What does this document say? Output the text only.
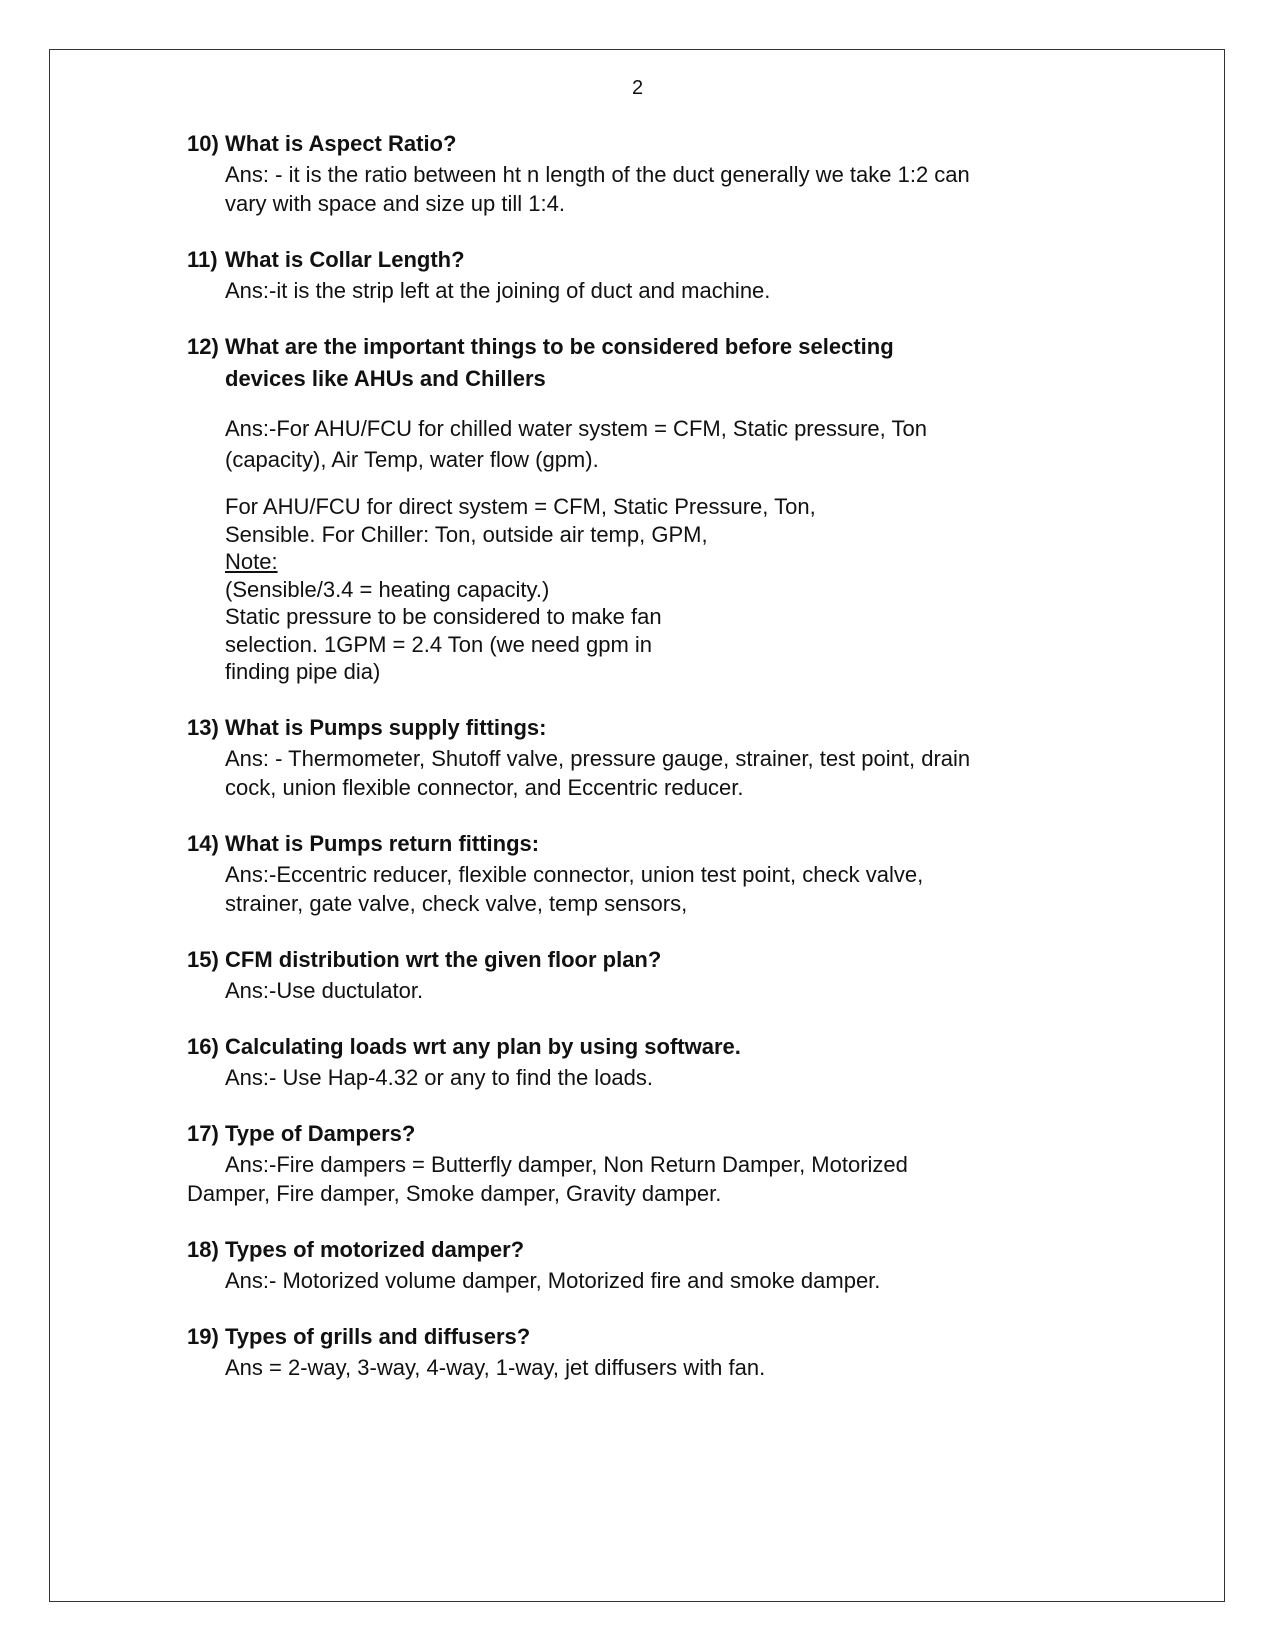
2
10) What is Aspect Ratio?
Ans: - it is the ratio between ht n length of the duct generally we take 1:2 can
vary with space and size up till 1:4.
11) What is Collar Length?
Ans:-it is the strip left at the joining of duct and machine.
12) What are the important things to be considered before selecting
devices like AHUs and Chillers
Ans:-For AHU/FCU for chilled water system = CFM, Static pressure, Ton
(capacity), Air Temp, water flow (gpm).
For AHU/FCU for direct system = CFM, Static Pressure, Ton,
Sensible. For Chiller: Ton, outside air temp, GPM,
Note:
(Sensible/3.4 = heating capacity.)
Static pressure to be considered to make fan
selection. 1GPM = 2.4 Ton (we need gpm in
finding pipe dia)
13) What is Pumps supply fittings:
Ans: - Thermometer, Shutoff valve, pressure gauge, strainer, test point, drain
cock, union flexible connector, and Eccentric reducer.
14) What is Pumps return fittings:
Ans:-Eccentric reducer, flexible connector, union test point, check valve,
strainer, gate valve, check valve, temp sensors,
15) CFM distribution wrt the given floor plan?
Ans:-Use ductulator.
16) Calculating loads wrt any plan by using software.
Ans:- Use Hap-4.32 or any to find the loads.
17) Type of Dampers?
Ans:-Fire dampers = Butterfly damper, Non Return Damper, Motorized
Damper, Fire damper, Smoke damper, Gravity damper.
18) Types of motorized damper?
Ans:- Motorized volume damper, Motorized fire and smoke damper.
19) Types of grills and diffusers?
Ans = 2-way, 3-way, 4-way, 1-way, jet diffusers with fan.
